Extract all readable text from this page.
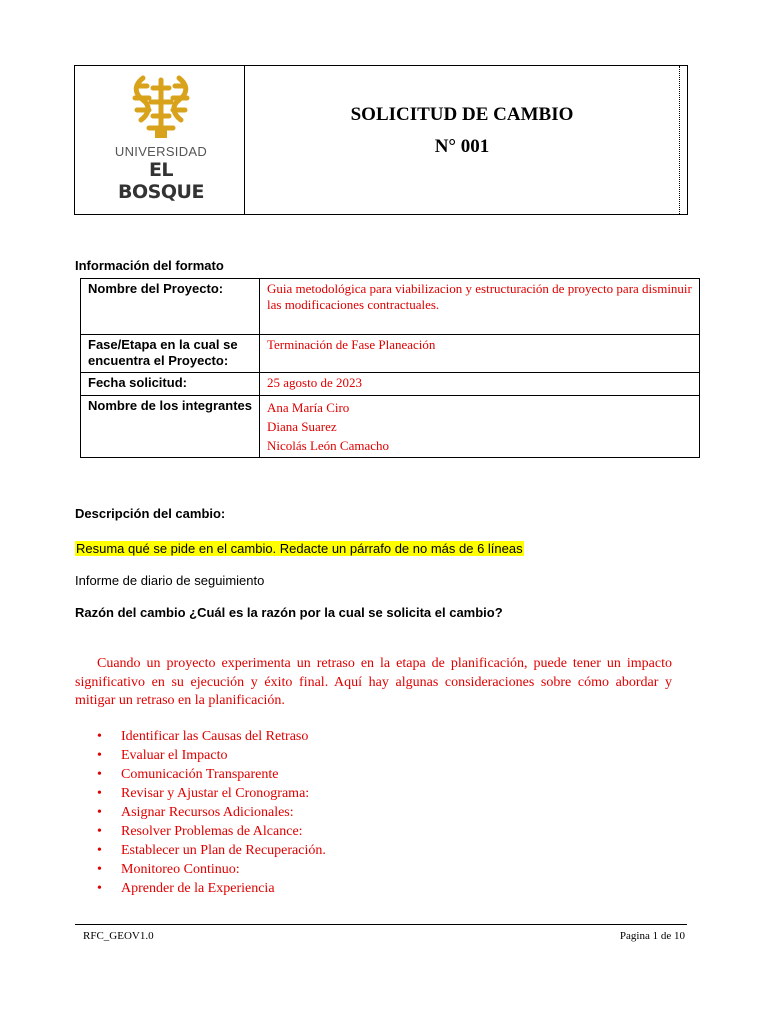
UNIVERSIDAD
EL BOSQUE
SOLICITUD DE CAMBIO
N° 001
Información del formato
Nombre del Proyecto:	Guia metodológica para viabilizacion y estructuración de proyecto para disminuir las modificaciones contractuales.
Fase/Etapa en la cual se encuentra el Proyecto:	Terminación de Fase Planeación
Fecha solicitud:	25 agosto de 2023
Nombre de los integrantes	Ana María Ciro
Diana Suarez
Nicolás León Camacho
Descripción del cambio:
Resuma qué se pide en el cambio. Redacte un párrafo de no más de 6 líneas
Informe de diario de seguimiento
Razón del cambio ¿Cuál es la razón por la cual se solicita el cambio?
Cuando un proyecto experimenta un retraso en la etapa de planificación, puede tener un impacto significativo en su ejecución y éxito final. Aquí hay algunas consideraciones sobre cómo abordar y mitigar un retraso en la planificación.
• Identificar las Causas del Retraso
• Evaluar el Impacto
• Comunicación Transparente
• Revisar y Ajustar el Cronograma:
• Asignar Recursos Adicionales:
• Resolver Problemas de Alcance:
• Establecer un Plan de Recuperación.
• Monitoreo Continuo:
• Aprender de la Experiencia
RFC_GEOV1.0	Pagina 1 de 10
